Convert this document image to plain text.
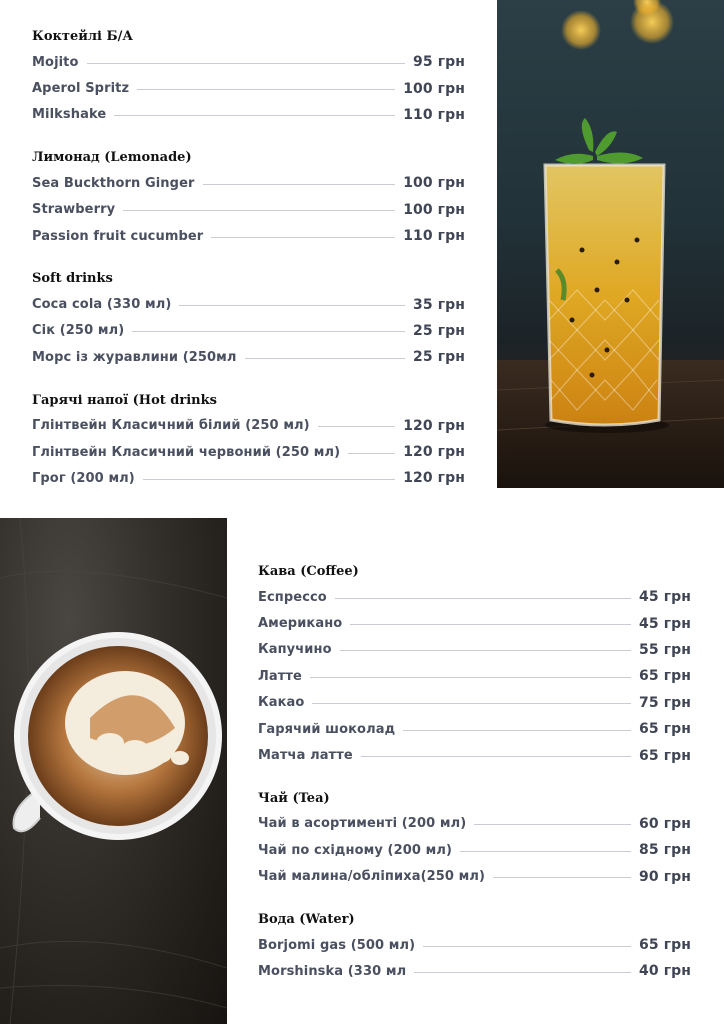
Коктейлі Б/А
Mojito	95 грн
Aperol Spritz	100 грн
Milkshake	110 грн
Лимонад (Lemonade)
Sea Buckthorn Ginger	100 грн
Strawberry	100 грн
Passion fruit cucumber	110 грн
Soft drinks
Coca cola (330 мл)	35 грн
Сік (250 мл)	25 грн
Морс із журавлини (250мл	25 грн
Гарячі напої (Hot drinks
Глінтвейн Класичний білий (250 мл)	120 грн
Глінтвейн Класичний червоний (250 мл)	120 грн
Грог (200 мл)	120 грн
Кава (Coffee)
Еспрессо	45 грн
Американо	45 грн
Капучино	55 грн
Латте	65 грн
Какао	75 грн
Гарячий шоколад	65 грн
Матча латте	65 грн
Чай (Tea)
Чай в асортименті (200 мл)	60 грн
Чай по східному (200 мл)	85 грн
Чай малина/обліпиха(250 мл)	90 грн
Вода (Water)
Borjomi gas (500 мл)	65 грн
Morshinska (330 мл	40 грн
